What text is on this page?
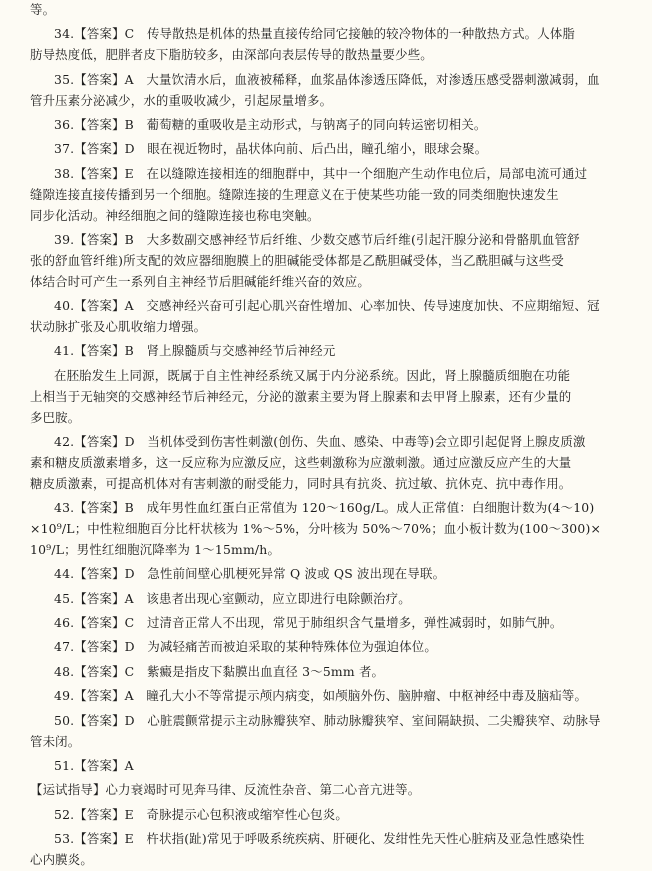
等。
34.【答案】C　传导散热是机体的热量直接传给同它接触的较冷物体的一种散热方式。人体脂
肪导热度低，肥胖者皮下脂肪较多，由深部向表层传导的散热量要少些。
35.【答案】A　大量饮清水后，血液被稀释，血浆晶体渗透压降低，对渗透压感受器刺激减弱，血
管升压素分泌减少，水的重吸收减少，引起尿量增多。
36.【答案】B　葡萄糖的重吸收是主动形式，与钠离子的同向转运密切相关。
37.【答案】D　眼在视近物时，晶状体向前、后凸出，瞳孔缩小，眼球会聚。
38.【答案】E　在以缝隙连接相连的细胞群中，其中一个细胞产生动作电位后，局部电流可通过
缝隙连接直接传播到另一个细胞。缝隙连接的生理意义在于使某些功能一致的同类细胞快速发生
同步化活动。神经细胞之间的缝隙连接也称电突触。
39.【答案】B　大多数副交感神经节后纤维、少数交感节后纤维(引起汗腺分泌和骨骼肌血管舒
张的舒血管纤维)所支配的效应器细胞膜上的胆碱能受体都是乙酰胆碱受体，当乙酰胆碱与这些受
体结合时可产生一系列自主神经节后胆碱能纤维兴奋的效应。
40.【答案】A　交感神经兴奋可引起心肌兴奋性增加、心率加快、传导速度加快、不应期缩短、冠
状动脉扩张及心肌收缩力增强。
41.【答案】B　肾上腺髓质与交感神经节后神经元
在胚胎发生上同源，既属于自主性神经系统又属于内分泌系统。因此，肾上腺髓质细胞在功能
上相当于无轴突的交感神经节后神经元，分泌的激素主要为肾上腺素和去甲肾上腺素，还有少量的
多巴胺。
42.【答案】D　当机体受到伤害性刺激(创伤、失血、感染、中毒等)会立即引起促肾上腺皮质激
素和糖皮质激素增多，这一反应称为应激反应，这些刺激称为应激刺激。通过应激反应产生的大量
糖皮质激素，可提高机体对有害刺激的耐受能力，同时具有抗炎、抗过敏、抗休克、抗中毒作用。
43.【答案】B　成年男性血红蛋白正常值为 120～160g/L。成人正常值：白细胞计数为(4～10)
×10⁹/L；中性粒细胞百分比杆状核为 1%～5%，分叶核为 50%～70%；血小板计数为(100～300)×
10⁹/L；男性红细胞沉降率为 1～15mm/h。
44.【答案】D　急性前间壁心肌梗死异常 Q 波或 QS 波出现在导联。
45.【答案】A　该患者出现心室颤动，应立即进行电除颤治疗。
46.【答案】C　过清音正常人不出现，常见于肺组织含气量增多，弹性减弱时，如肺气肿。
47.【答案】D　为减轻痛苦而被迫采取的某种特殊体位为强迫体位。
48.【答案】C　紫癜是指皮下黏膜出血直径 3～5mm 者。
49.【答案】A　瞳孔大小不等常提示颅内病变，如颅脑外伤、脑肿瘤、中枢神经中毒及脑疝等。
50.【答案】D　心脏震颤常提示主动脉瓣狭窄、肺动脉瓣狭窄、室间隔缺损、二尖瓣狭窄、动脉导
管未闭。
51.【答案】A
【运试指导】心力衰竭时可见奔马律、反流性杂音、第二心音亢进等。
52.【答案】E　奇脉提示心包积液或缩窄性心包炎。
53.【答案】E　杵状指(趾)常见于呼吸系统疾病、肝硬化、发绀性先天性心脏病及亚急性感染性
心内膜炎。
